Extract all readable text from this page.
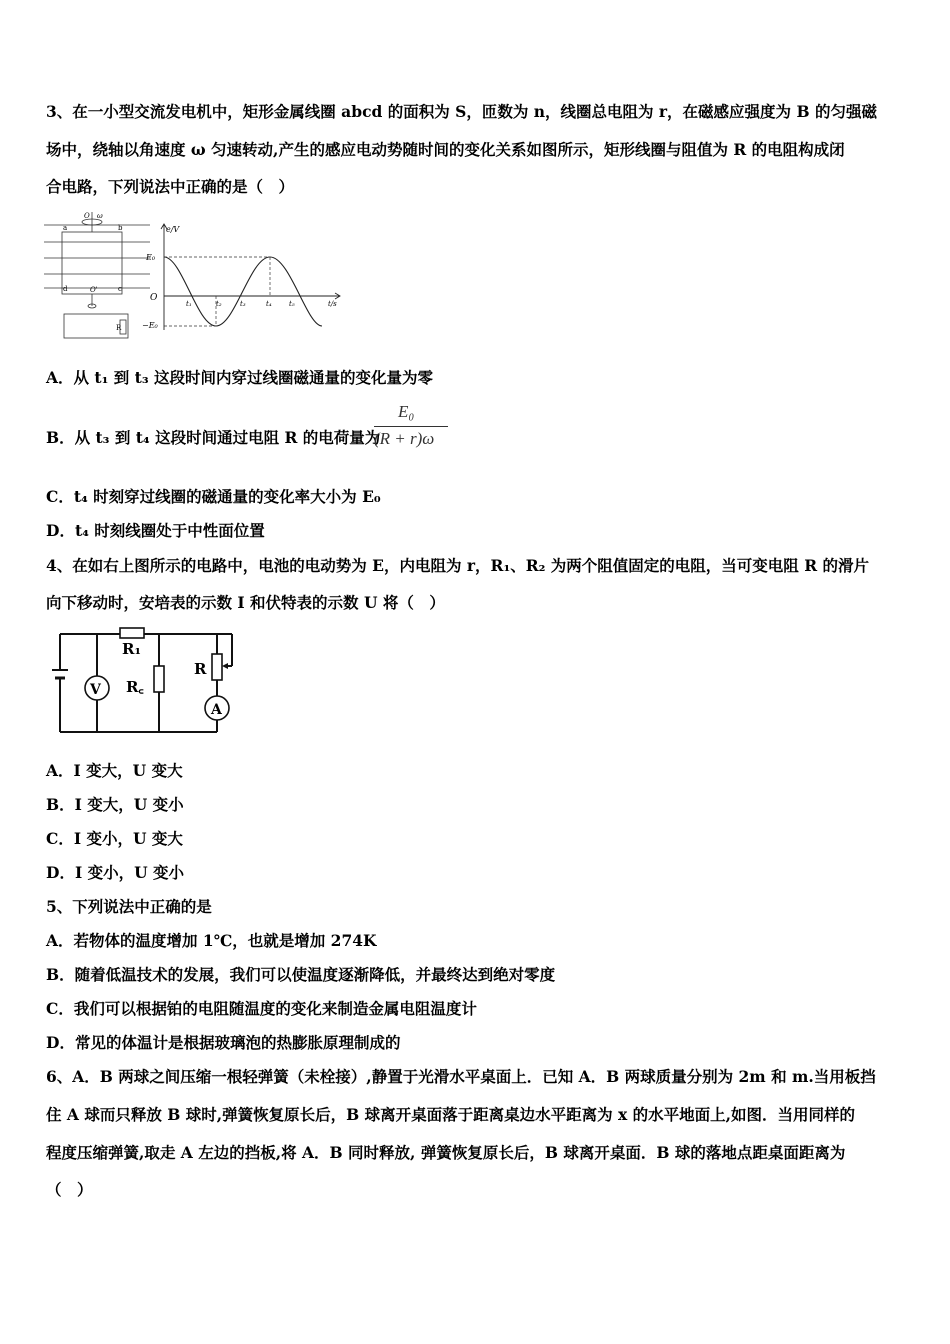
3、在一小型交流发电机中，矩形金属线圈 abcd 的面积为 S，匝数为 n，线圈总电阻为 r，在磁感应强度为 B 的匀强磁
场中，绕轴以角速度 ω 匀速转动,产生的感应电动势随时间的变化关系如图所示，矩形线圈与阻值为 R 的电阻构成闭
合电路，下列说法中正确的是（　）
O ω
a	b
c
d	O'
R
e/V
E₀
−E₀
O
t₁	t₂	t₃	t₄ t₅	t/s
A．从 t₁ 到 t₃ 这段时间内穿过线圈磁通量的变化量为零
B．从 t₃ 到 t₄ 这段时间通过电阻 R 的电荷量为
E₀
(R + r)ω
C．t₄ 时刻穿过线圈的磁通量的变化率大小为 E₀
D．t₄ 时刻线圈处于中性面位置
4、在如右上图所示的电路中，电池的电动势为 E，内电阻为 r，R₁、R₂ 为两个阻值固定的电阻，当可变电阻 R 的滑片
向下移动时，安培表的示数 I 和伏特表的示数 U 将（　）
V
A
R₁
R꜀
R
A．I 变大，U 变大
B．I 变大，U 变小
C．I 变小，U 变大
D．I 变小，U 变小
5、下列说法中正确的是
A．若物体的温度增加 1℃，也就是增加 274K
B．随着低温技术的发展，我们可以使温度逐渐降低，并最终达到绝对零度
C．我们可以根据铂的电阻随温度的变化来制造金属电阻温度计
D．常见的体温计是根据玻璃泡的热膨胀原理制成的
6、A．B 两球之间压缩一根轻弹簧（未栓接）,静置于光滑水平桌面上．已知 A．B 两球质量分别为 2m 和 m.当用板挡
住 A 球而只释放 B 球时,弹簧恢复原长后，B 球离开桌面落于距离桌边水平距离为 x 的水平地面上,如图．当用同样的
程度压缩弹簧,取走 A 左边的挡板,将 A．B 同时释放, 弹簧恢复原长后，B 球离开桌面．B 球的落地点距桌面距离为
（　）
